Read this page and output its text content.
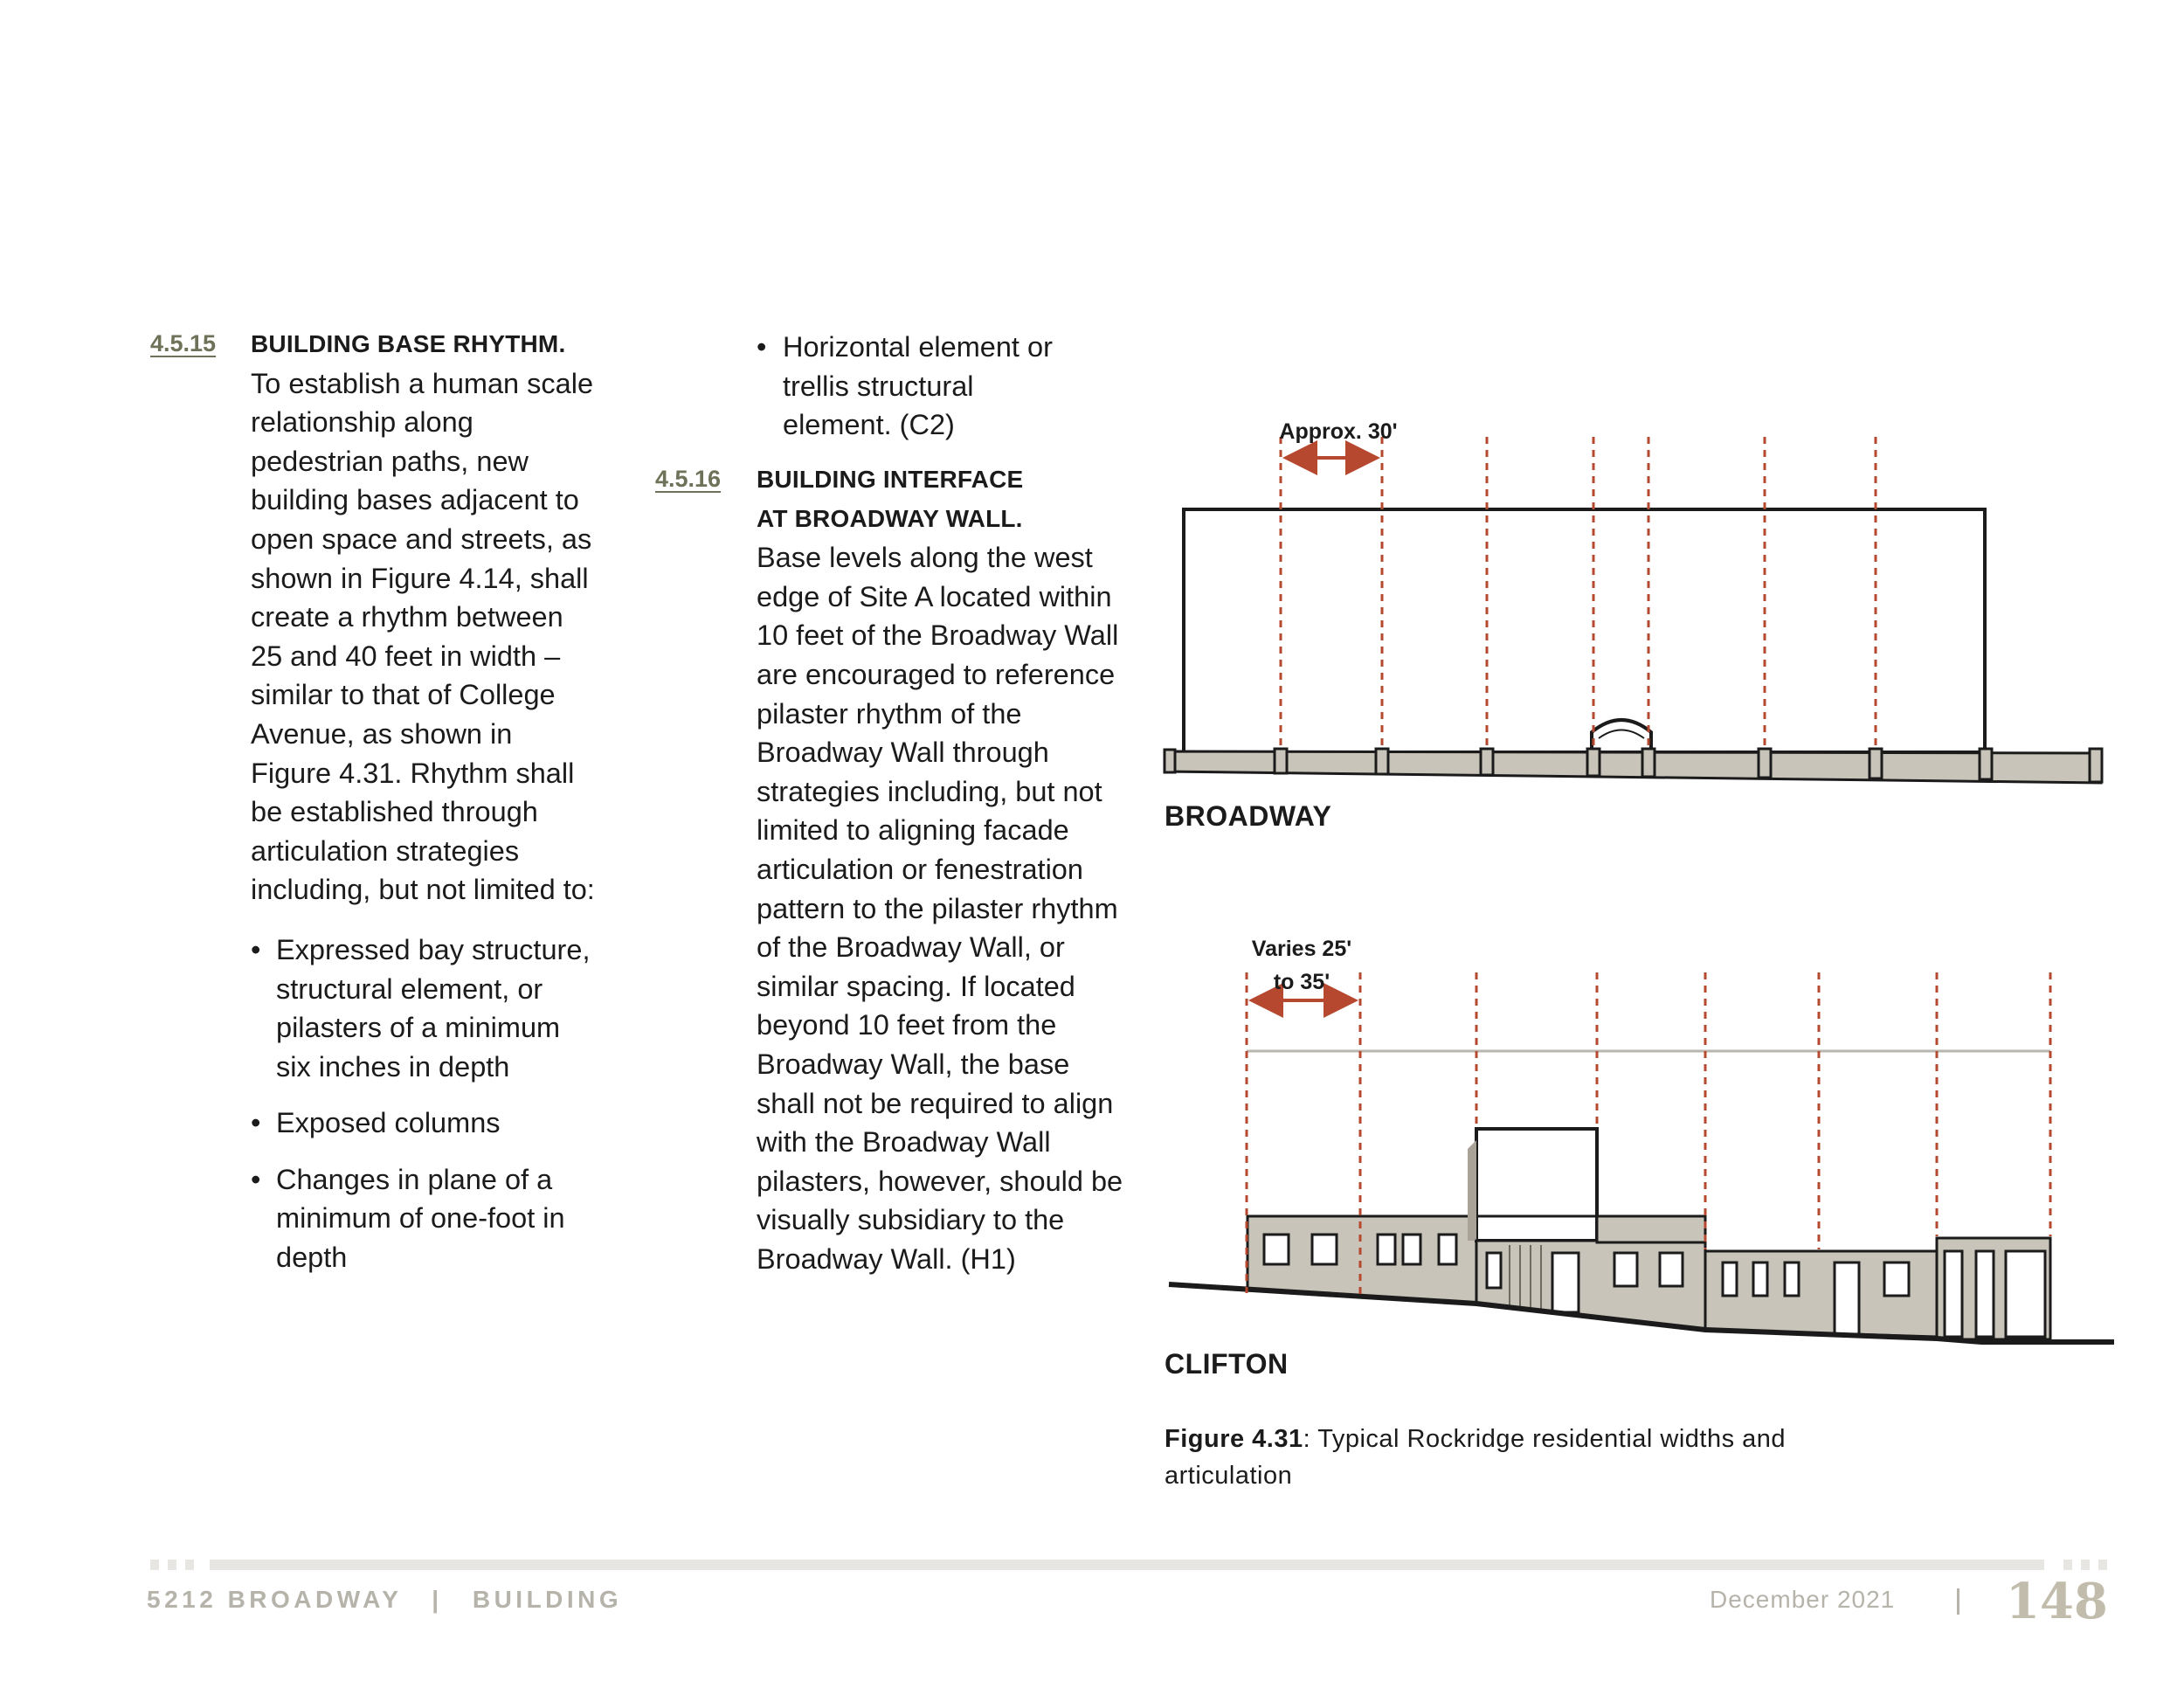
4.5.15 BUILDING BASE RHYTHM.

To establish a human scale relationship along pedestrian paths, new building bases adjacent to open space and streets, as shown in Figure 4.14, shall create a rhythm between 25 and 40 feet in width – similar to that of College Avenue, as shown in Figure 4.31. Rhythm shall be established through articulation strategies including, but not limited to:

• Expressed bay structure, structural element, or pilasters of a minimum six inches in depth
• Exposed columns
• Changes in plane of a minimum of one-foot in depth
• Horizontal element or trellis structural element. (C2)
4.5.16 BUILDING INTERFACE AT BROADWAY WALL.

Base levels along the west edge of Site A located within 10 feet of the Broadway Wall are encouraged to reference pilaster rhythm of the Broadway Wall through strategies including, but not limited to aligning facade articulation or fenestration pattern to the pilaster rhythm of the Broadway Wall, or similar spacing. If located beyond 10 feet from the Broadway Wall, the base shall not be required to align with the Broadway Wall pilasters, however, should be visually subsidiary to the Broadway Wall. (H1)

Approx. 30'
Varies 25'
to 35'
BROADWAY
CLIFTON
Figure 4.31: Typical Rockridge residential widths and articulation
5212 BROADWAY | BUILDING	December 2021 148
